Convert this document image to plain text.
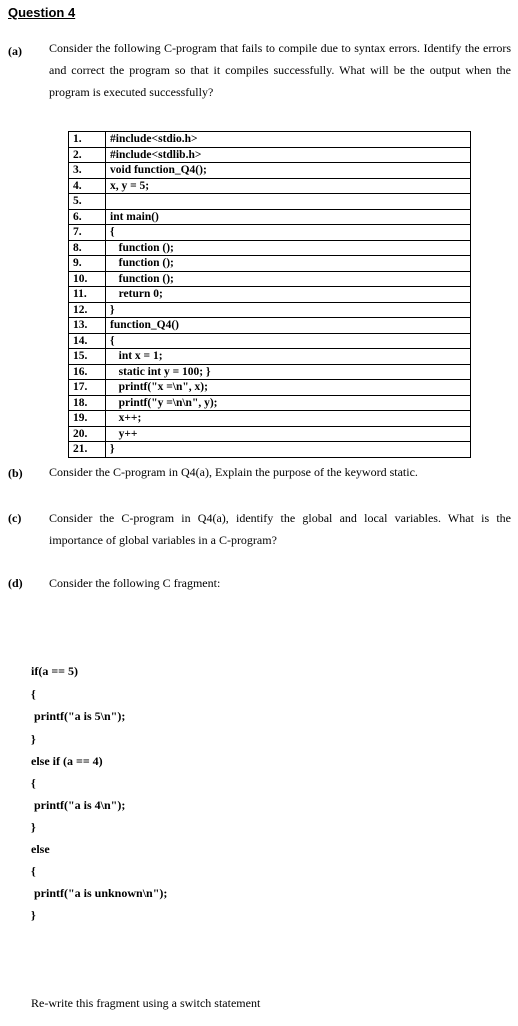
Question 4
(a) Consider the following C-program that fails to compile due to syntax errors. Identify the errors and correct the program so that it compiles successfully. What will be the output when the program is executed successfully?
1.	#include<stdio.h>
2.	#include<stdlib.h>
3.	void function_Q4();
4.	x, y = 5;
5.	
6.	int main()
7.	{
8.	function ();
9.	function ();
10.	function ();
11.	return 0;
12.	}
13.	function_Q4()
14.	{
15.	int x = 1;
16.	static int y = 100; }
17.	printf("x =\n", x);
18.	printf("y =\n\n", y);
19.	x++;
20.	y++
21.	}
(b) Consider the C-program in Q4(a), Explain the purpose of the keyword static.
(c) Consider the C-program in Q4(a), identify the global and local variables. What is the importance of global variables in a C-program?
(d) Consider the following C fragment:
if(a == 5)
{
printf("a is 5\n");
}
else if (a == 4)
{
printf("a is 4\n");
}
else
{
printf("a is unknown\n");
}
Re-write this fragment using a switch statement
